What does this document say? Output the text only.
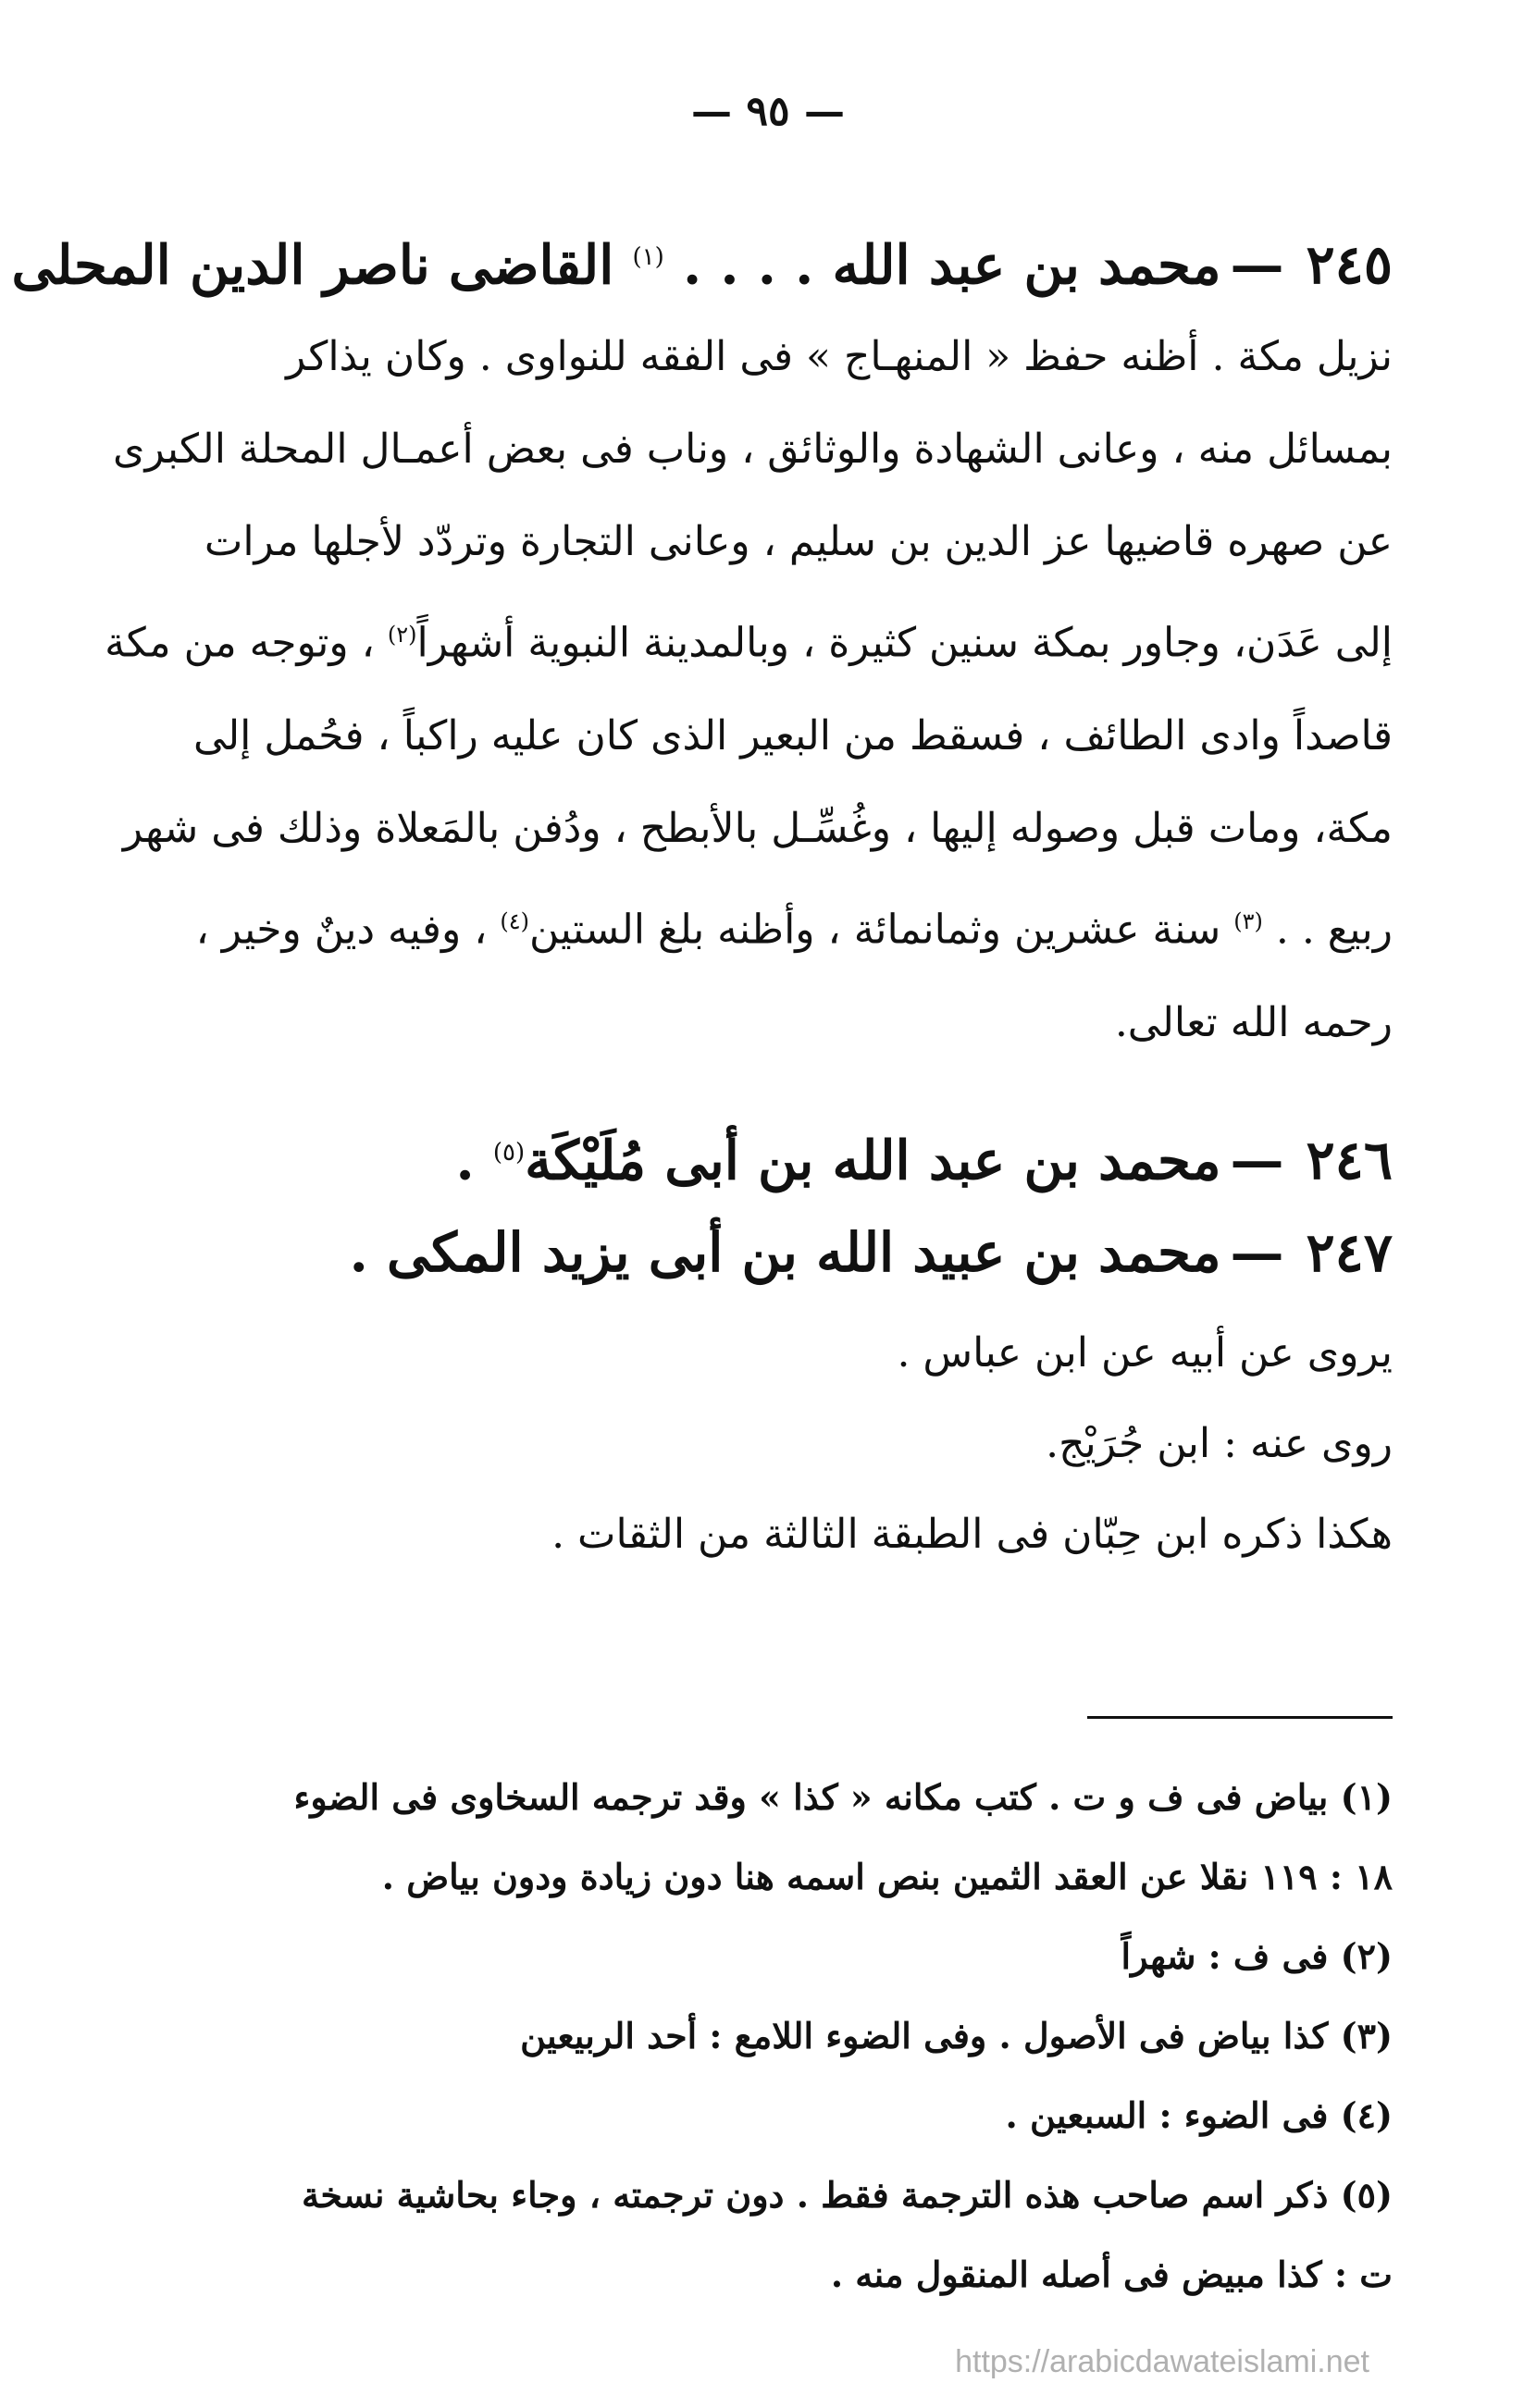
— ٩٥ —
٢٤٥—محمد بن عبد الله . . . . $^{(١)}$ القاضى ناصر الدين المحلى
نزيل مكة . أظنه حفظ « المنهـاج » فى الفقه للنواوى . وكان يذاكر
بمسائل منه ، وعانى الشهادة والوثائق ، وناب فى بعض أعمـال المحلة الكبرى
عن صهره قاضيها عز الدين بن سليم ، وعانى التجارة وتردّد لأجلها مرات
إلى عَدَن، وجاور بمكة سنين كثيرة ، وبالمدينة النبوية أشهراً$^{(٢)}$ ، وتوجه من مكة
قاصداً وادى الطائف ، فسقط من البعير الذى كان عليه راكباً ، فحُمل إلى
مكة، ومات قبل وصوله إليها ، وغُسِّـل بالأبطح ، ودُفن بالمَعلاة وذلك فى شهر
ربيع . . $^{(٣)}$ سنة عشرين وثمانمائة ، وأظنه بلغ الستين$^{(٤)}$ ، وفيه دينٌ وخير ،
رحمه الله تعالى.
٢٤٦—محمد بن عبد الله بن أبى مُلَيْكَة$^{(٥)}$ .
٢٤٧—محمد بن عبيد الله بن أبى يزيد المكى .
يروى عن أبيه عن ابن عباس .
روى عنه : ابن جُرَيْج.
هكذا ذكره ابن حِبّان فى الطبقة الثالثة من الثقات .
(١) بياض فى ف و ت . كتب مكانه « كذا » وقد ترجمه السخاوى فى الضوء
١٨ : ١١٩ نقلا عن العقد الثمين بنص اسمه هنا دون زيادة ودون بياض .
(٢) فى ف : شهراً
(٣) كذا بياض فى الأصول . وفى الضوء اللامع : أحد الربيعين
(٤) فى الضوء : السبعين .
(٥) ذكر اسم صاحب هذه الترجمة فقط . دون ترجمته ، وجاء بحاشية نسخة
ت : كذا مبيض فى أصله المنقول منه .
https://arabicdawateislami.net
